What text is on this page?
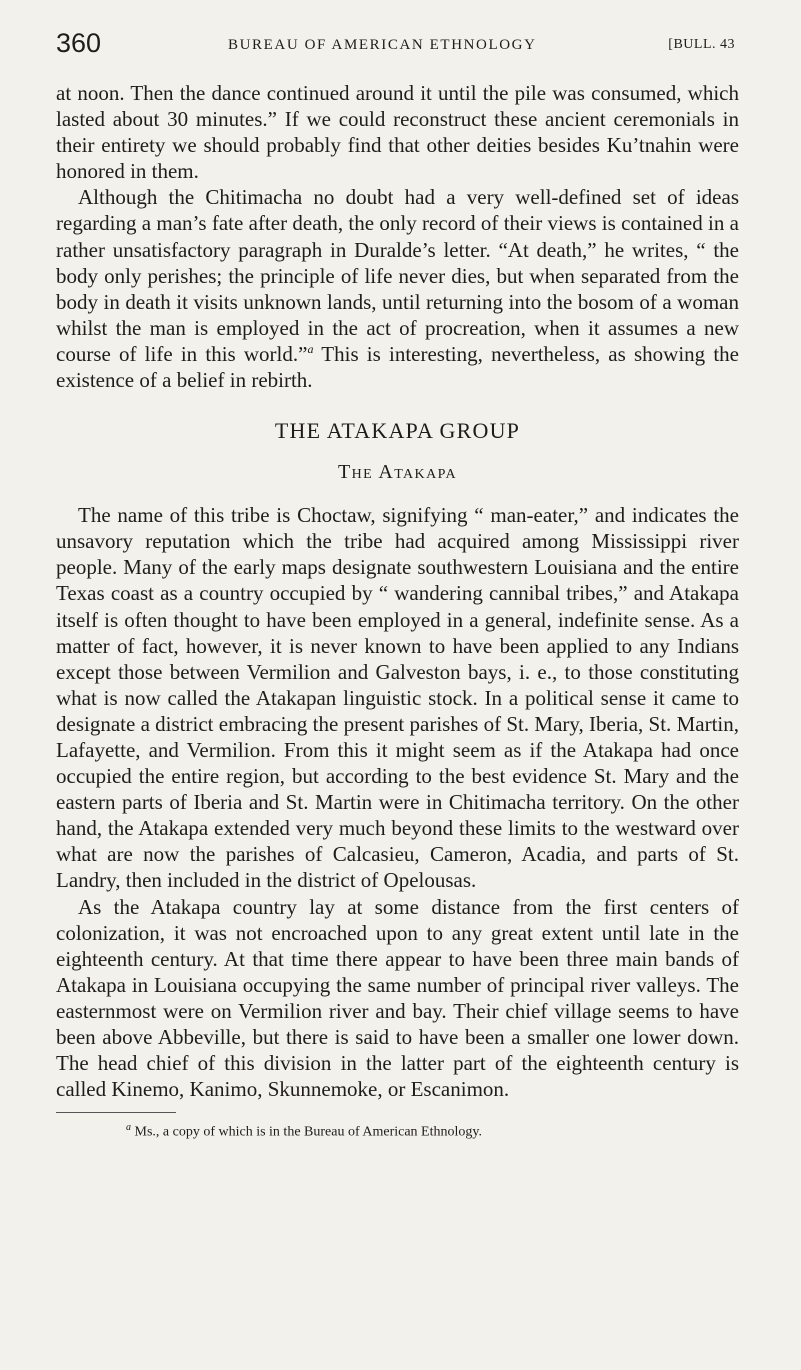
360	BUREAU OF AMERICAN ETHNOLOGY	[BULL. 43

at noon. Then the dance continued around it until the pile was consumed, which lasted about 30 minutes.” If we could reconstruct these ancient ceremonials in their entirety we should probably find that other deities besides Ku’tnahin were honored in them.

Although the Chitimacha no doubt had a very well-defined set of ideas regarding a man’s fate after death, the only record of their views is contained in a rather unsatisfactory paragraph in Duralde’s letter. “At death,” he writes, “ the body only perishes; the principle of life never dies, but when separated from the body in death it visits unknown lands, until returning into the bosom of a woman whilst the man is employed in the act of procreation, when it assumes a new course of life in this world.”$^a$ This is interesting, nevertheless, as showing the existence of a belief in rebirth.

THE ATAKAPA GROUP
The Atakapa

The name of this tribe is Choctaw, signifying “ man-eater,” and indicates the unsavory reputation which the tribe had acquired among Mississippi river people. Many of the early maps designate southwestern Louisiana and the entire Texas coast as a country occupied by “ wandering cannibal tribes,” and Atakapa itself is often thought to have been employed in a general, indefinite sense. As a matter of fact, however, it is never known to have been applied to any Indians except those between Vermilion and Galveston bays, i. e., to those constituting what is now called the Atakapan linguistic stock. In a political sense it came to designate a district embracing the present parishes of St. Mary, Iberia, St. Martin, Lafayette, and Vermilion. From this it might seem as if the Atakapa had once occupied the entire region, but according to the best evidence St. Mary and the eastern parts of Iberia and St. Martin were in Chitimacha territory. On the other hand, the Atakapa extended very much beyond these limits to the westward over what are now the parishes of Calcasieu, Cameron, Acadia, and parts of St. Landry, then included in the district of Opelousas.

As the Atakapa country lay at some distance from the first centers of colonization, it was not encroached upon to any great extent until late in the eighteenth century. At that time there appear to have been three main bands of Atakapa in Louisiana occupying the same number of principal river valleys. The easternmost were on Vermilion river and bay. Their chief village seems to have been above Abbeville, but there is said to have been a smaller one lower down. The head chief of this division in the latter part of the eighteenth century is called Kinemo, Kanimo, Skunnemoke, or Escanimon.

$^a$ Ms., a copy of which is in the Bureau of American Ethnology.
